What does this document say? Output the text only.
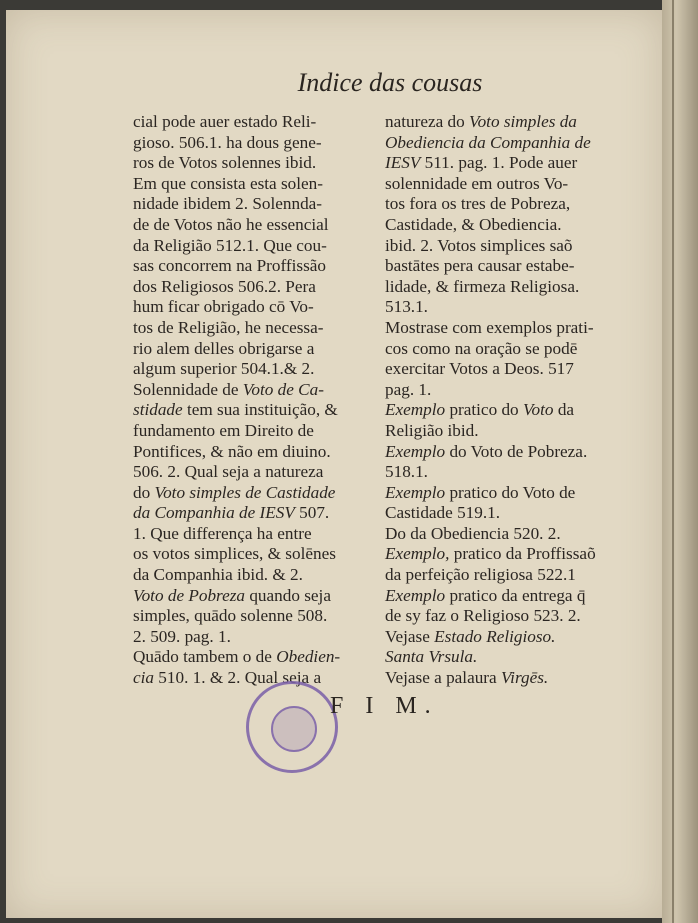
Indice das cousas

cial pode auer estado Reli-
gioso. 506.1. ha dous gene-
ros de Votos solennes ibid.
Em que consista esta solen-
nidade ibidem 2. Solennda-
de de Votos não he essencial
da Religião 512.1. Que cou-
sas concorrem na Proffissão
dos Religiosos 506.2. Pera
hum ficar obrigado cō Vo-
tos de Religião, he necessa-
rio alem delles obrigarse a
algum superior 504.1.& 2.

Solennidade de Voto de Ca-
stidade tem sua instituição, &
fundamento em Direito de
Pontifices, & não em diuino.
506. 2. Qual seja a natureza
do Voto simples de Castidade
da Companhia de IESV 507.
1. Que differença ha entre
os votos simplices, & solēnes
da Companhia ibid. & 2.

Voto de Pobreza quando seja
simples, quādo solenne 508.
2. 509. pag. 1.

Quādo tambem o de Obedien-
cia 510. 1. & 2. Qual seja a

natureza do Voto simples da
Obediencia da Companhia de
IESV 511. pag. 1. Pode auer
solennidade em outros Vo-
tos fora os tres de Pobreza,
Castidade, & Obediencia.
ibid. 2. Votos simplices saõ
bastātes pera causar estabe-
lidade, & firmeza Religiosa.
513.1.

Mostrase com exemplos prati-
cos como na oração se podē
exercitar Votos a Deos. 517
pag. 1.

Exemplo pratico do Voto da
Religião ibid.

Exemplo do Voto de Pobreza.
518.1.

Exemplo pratico do Voto de
Castidade 519.1.

Do da Obediencia 520. 2.

Exemplo, pratico da Proffissaõ
da perfeição religiosa 522.1

Exemplo pratico da entrega q̄
de sy faz o Religioso 523. 2.

Vejase Estado Religioso.

Santa Vrsula.

Vejase a palaura Virgēs.

F I M.
